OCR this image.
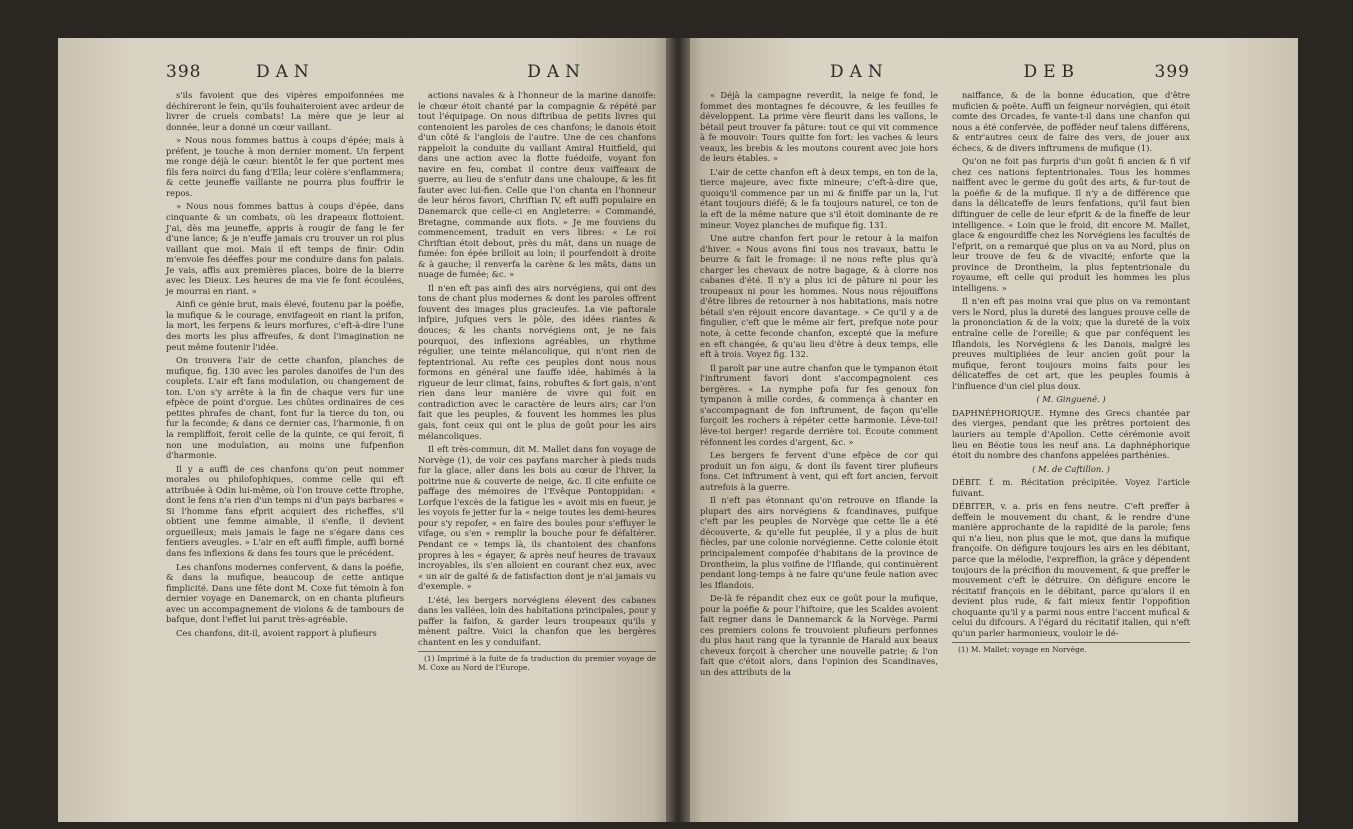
398	DAN	DAN

s'ils favoient que des vipères empoifonnées me déchireront le fein, qu'ils fouhaiteroient avec ardeur de livrer de cruels combats! La mère que je leur ai donnée, leur a donné un cœur vaillant.

» Nous nous fommes battus à coups d'épée; mais à préfent, je touche à mon dernier moment. Un ferpent me ronge déjà le cœur: bientôt le fer que portent mes fils fera noirci du fang d'Ella; leur colère s'enflammera; & cette jeuneffe vaillante ne pourra plus fouffrir le repos.

» Nous nous fommes battus à coups d'épée, dans cinquante & un combats, où les drapeaux flottoient. J'ai, dès ma jeuneffe, appris à rougir de fang le fer d'une lance; & je n'euffe jamais cru trouver un roi plus vaillant que moi. Mais il eft temps de finir: Odin m'envoie fes déeffes pour me conduire dans fon palais. Je vais, affis aux premières places, boire de la bierre avec les Dieux. Les heures de ma vie fe font écoulées, je mourrai en riant. »

Ainfi ce génie brut, mais élevé, foutenu par la poéfie, la mufique & le courage, envifageoit en riant la prifon, la mort, les ferpens & leurs morfures, c'eft-à-dire l'une des morts les plus affreufes, & dont l'imagination ne peut même foutenir l'idée.

On trouvera l'air de cette chanfon, planches de mufique, fig. 130 avec les paroles danoifes de l'un des couplets. L'air eft fans modulation, ou changement de ton. L'on s'y arrête à la fin de chaque vers fur une efpèce de point d'orgue. Les chûtes ordinaires de ces petites phrafes de chant, font fur la tierce du ton, ou fur la feconde; & dans ce dernier cas, l'harmonie, fi on la rempliffoit, feroit celle de la quinte, ce qui feroit, fi non une modulation, au moins une fufpenfion d'harmonie.

Il y a auffi de ces chanfons qu'on peut nommer morales ou philofophiques, comme celle qui eft attribuée à Odin lui-même, où l'on trouve cette ftrophe, dont le fens n'a rien d'un temps ni d'un pays barbares « Si l'homme fans efprit acquiert des richeffes, s'il obtient une femme aimable, il s'enfle, il devient orgueilleux; mais jamais le fage ne s'égare dans ces fentiers aveugles. » L'air en eft auffi fimple, auffi borné dans fes inflexions & dans fes tours que le précédent.

Les chanfons modernes confervent, & dans la poéfie, & dans la mufique, beaucoup de cette antique fimplicité. Dans une fête dont M. Coxe fut témoin à fon dernier voyage en Danemarck, on en chanta plufieurs avec un accompagnement de violons & de tambours de bafque, dont l'effet lui parut très-agréable.

Ces chanfons, dit-il, avoient rapport à plufieurs

actions navales & à l'honneur de la marine danoife: le chœur étoit chanté par la compagnie & répété par tout l'équipage. On nous diftribua de petits livres qui contenoient les paroles de ces chanfons; le danois étoit d'un côté & l'anglois de l'autre. Une de ces chanfons rappeloit la conduite du vaillant Amiral Huitfield, qui dans une action avec la flotte fuédoife, voyant fon navire en feu, combat il contre deux vaiffeaux de guerre, au lieu de s'enfuir dans une chaloupe, & les fit fauter avec lui-fien. Celle que l'on chanta en l'honneur de leur héros favori, Chriftian IV, eft auffi populaire en Danemarck que celle-ci en Angleterre: « Commandé, Bretagne, commande aux flots. » Je me fouviens du commencement, traduit en vers libres: « Le roi Chriftian étoit debout, près du mât, dans un nuage de fumée: fon épée brilloit au loin; il pourfendoit à droite & à gauche; il renverfa la carène & les mâts, dans un nuage de fumée; &c. »

Il n'en eft pas ainfi des airs norvégiens, qui ont des tons de chant plus modernes & dont les paroles offrent fouvent des images plus gracieufes. La vie paftorale infpire, jufques vers le pôle, des idées riantes & douces; & les chants norvégiens ont, je ne fais pourquoi, des inflexions agréables, un rhythme régulier, une teinte mélancolique, qui n'ont rien de feptentrional. Au refte ces peuples dont nous nous formons en général une fauffe idée, habimés à la rigueur de leur climat, fains, robuftes & fort gais, n'ont rien dans leur manière de vivre qui foit en contradiction avec le caractère de leurs airs; car l'on fait que les peuples, & fouvent les hommes les plus gais, font ceux qui ont le plus de goût pour les airs mélancoliques.

Il eft très-commun, dit M. Mallet dans fon voyage de Norvège (1), de voir ces payfans marcher à pieds nuds fur la glace, aller dans les bois au cœur de l'hiver, la poitrine nue & couverte de neige, &c. Il cite enfuite ce paffage des mémoires de l'Evêque Pontoppidan: « Lorfque l'excès de la fatigue les « avoit mis en fueur, je les voyois fe jetter fur la « neige toutes les demi-heures pour s'y repofer, « en faire des boules pour s'effuyer le vifage, ou s'en « remplir la bouche pour fe défaltérer. Pendant ce « temps là, ils chantoient des chanfons propres à les « égayer, & après neuf heures de travaux incroyables, ils s'en alloient en courant chez eux, avec « un air de gaîté & de fatisfaction dont je n'ai jamais vu d'exemple. »

L'été, les bergers norvégiens élevent des cabanes dans les vallées, loin des habitations principales, pour y paffer la faifon, & garder leurs troupeaux qu'ils y mènent paître. Voici la chanfon que les bergères chantent en les y conduifant.

(1) Imprimé à la fuite de fa traduction du premier voyage de M. Coxe au Nord de l'Europe.

DAN	DEB	399

« Déjà la campagne reverdit, la neige fe fond, le fommet des montagnes fe découvre, & les feuilles fe développent. La prime vère fleurit dans les vallons, le bétail peut trouver fa pâture: tout ce qui vit commence à fe mouvoir: Tours quitte fon fort: les vaches & leurs veaux, les brebis & les moutons courent avec joie hors de leurs étables. »

L'air de cette chanfon eft à deux temps, en ton de la, tierce majeure, avec fixte mineure; c'eft-à-dire que, quoiqu'il commence par un mi & finiffe par un la, l'ut étant toujours diéfé; & le fa toujours naturel, ce ton de la eft de la même nature que s'il étoit dominante de re mineur. Voyez planches de mufique fig. 131.

Une autre chanfon fert pour le retour à la maifon d'hiver. « Nous avons fini tous nos travaux, battu le beurre & fait le fromage: il ne nous refte plus qu'à charger les chevaux de notre bagage, & à clorre nos cabanes d'été. Il n'y a plus ici de pâture ni pour les troupeaux ni pour les hommes. Nous nous réjouiffons d'être libres de retourner à nos habitations, mais notre bétail s'en réjouit encore davantage. » Ce qu'il y a de fingulier, c'eft que le même air fert, prefque note pour note, à cette feconde chanfon, excepté que la mefure en eft changée, & qu'au lieu d'être à deux temps, elle eft à trois. Voyez fig. 132.

Il paroît par une autre chanfon que le tympanon étoit l'inftrument favori dont s'accompagnoient ces bergères. « La nymphe pofa fur fes genoux fon tympanon à mille cordes, & commença à chanter en s'accompagnant de fon inftrument, de façon qu'elle forçoit les rochers à répéter cette harmonie. Lève-toi! lève-toi berger! regarde derrière toi. Écoute comment réfonnent les cordes d'argent, &c. »

Les bergers fe fervent d'une efpèce de cor qui produit un fon aigu, & dont ils favent tirer plufieurs fons. Cet inftrument à vent, qui eft fort ancien, fervoit autrefois à la guerre.

Il n'eft pas étonnant qu'on retrouve en Iflande la plupart des airs norvégiens & fcandinaves, puifque c'eft par les peuples de Norvège que cette île a été découverte, & qu'elle fut peuplée, il y a plus de huit fiècles, par une colonie norvégienne. Cette colonie étoit principalement compofée d'habitans de la province de Drontheim, la plus voifine de l'Iflande, qui continuèrent pendant long-temps à ne faire qu'une feule nation avec les Iflandois.

De-là fe répandit chez eux ce goût pour la mufique, pour la poéfie & pour l'hiftoire, que les Scaldes avoient fait regner dans le Dannemarck & la Norvège. Parmi ces premiers colons fe trouvoient plufieurs perfonnes du plus haut rang que la tyrannie de Harald aux beaux cheveux forçoit à chercher une nouvelle patrie; & l'on fait que c'étoit alors, dans l'opinion des Scandinaves, un des attributs de la

naiffance, & de la bonne éducation, que d'être muficien & poëte. Auffi un feigneur norvégien, qui étoit comte des Orcades, fe vante-t-il dans une chanfon qui nous a été confervée, de pofféder neuf talens différens, & entr'autres ceux de faire des vers, de jouer aux échecs, & de divers inftrumens de mufique (1).

Qu'on ne foit pas furpris d'un goût fi ancien & fi vif chez ces nations feptentrionales. Tous les hommes naiffent avec le germe du goût des arts, & fur-tout de la poéfie & de la mufique. Il n'y a de différence que dans la délicateffe de leurs fenfations, qu'il faut bien diftinguer de celle de leur efprit & de la fineffe de leur intelligence. « Loin que le froid, dit encore M. Mallet, glace & engourdiffe chez les Norvégiens les facultés de l'efprit, on a remarqué que plus on va au Nord, plus on leur trouve de feu & de vivacité; enforte que la province de Drontheim, la plus feptentrionale du royaume, eft celle qui produit les hommes les plus intelligens. »

Il n'en eft pas moins vrai que plus on va remontant vers le Nord, plus la dureté des langues prouve celle de la prononciation & de la voix; que la dureté de la voix entraîne celle de l'oreille; & que par conféquent les Iflandois, les Norvégiens & les Danois, malgré les preuves multipliées de leur ancien goût pour la mufique, feront toujours moins faits pour les délicateffes de cet art, que les peuples foumis à l'influence d'un ciel plus doux.

( M. Ginguené. )

DAPHNÉPHORIQUE. Hymne des Grecs chantée par des vierges, pendant que les prêtres portoient des lauriers au temple d'Apollon. Cette cérémonie avoit lieu en Béotie tous les neuf ans. La daphnéphorique étoit du nombre des chanfons appelées parthénies.

( M. de Caftillon. )

DÉBIT. f. m. Récitation précipitée. Voyez l'article fuivant.

DÉBITER, v. a. pris en fens neutre. C'eft preffer à deffein le mouvement du chant, & le rendre d'une manière approchante de la rapidité de la parole; fens qui n'a lieu, non plus que le mot, que dans la mufique françoife. On défigure toujours les airs en les débitant, parce que la mélodie, l'expreffion, la grâce y dépendent toujours de la précifion du mouvement, & que preffer le mouvement c'eft le détruire. On défigure encore le récitatif françois en le débitant, parce qu'alors il en devient plus rude, & fait mieux fentir l'oppofition choquante qu'il y a parmi nous entre l'accent mufical & celui du difcours. A l'égard du récitatif italien, qui n'eft qu'un parler harmonieux, vouloir le dé-

(1) M. Mallet; voyage en Norvège.
